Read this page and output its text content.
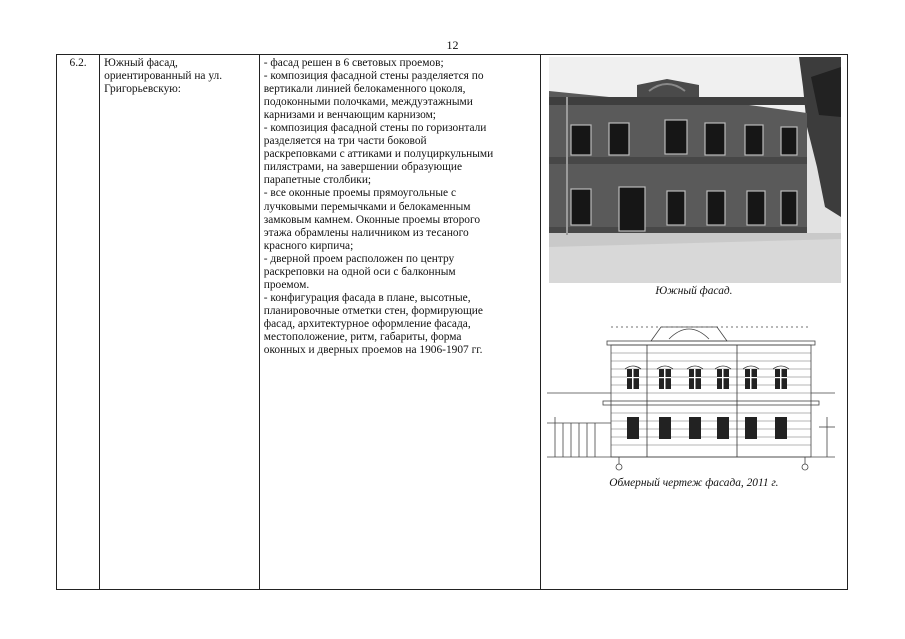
12
6.2.	Южный фасад,
ориентированный на ул.
Григорьевскую:

- фасад решен в 6 световых проемов;
- композиция фасадной стены разделяется по
вертикали линией белокаменного цоколя,
подоконными полочками, междуэтажными
карнизами и венчающим карнизом;
- композиция фасадной стены по горизонтали
разделяется на три части боковой
раскреповками с аттиками и полуциркульными
пилястрами, на завершении образующие
парапетные столбики;
- все оконные проемы прямоугольные с
лучковыми перемычками и белокаменным
замковым камнем. Оконные проемы второго
этажа обрамлены наличником из тесаного
красного кирпича;
- дверной проем расположен по центру
раскреповки на одной оси с балконным
проемом.
- конфигурация фасада в плане, высотные,
планировочные отметки стен, формирующие
фасад, архитектурное оформление фасада,
местоположение, ритм, габариты, форма
оконных и дверных проемов на 1906-1907 гг.

Южный фасад.
Обмерный чертеж фасада, 2011 г.
